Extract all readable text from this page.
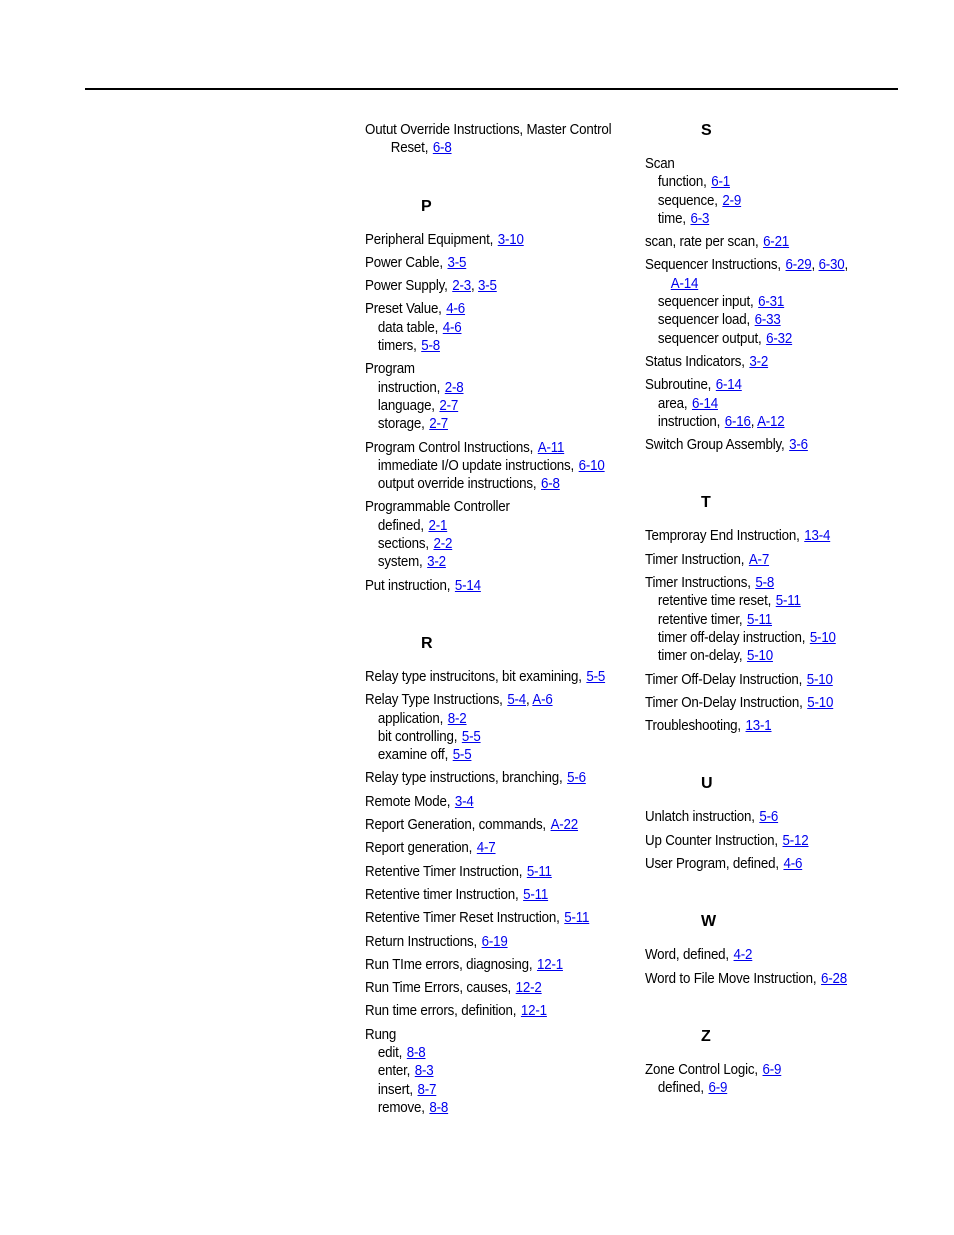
Outut Override Instructions, Master Control
Reset, 6-8
P
Peripheral Equipment, 3-10
Power Cable, 3-5
Power Supply, 2-3, 3-5
Preset Value, 4-6
data table, 4-6
timers, 5-8
Program
instruction, 2-8
language, 2-7
storage, 2-7
Program Control Instructions, A-11
immediate I/O update instructions, 6-10
output override instructions, 6-8
Programmable Controller
defined, 2-1
sections, 2-2
system, 3-2
Put instruction, 5-14
R
Relay type instrucitons, bit examining, 5-5
Relay Type Instructions, 5-4, A-6
application, 8-2
bit controlling, 5-5
examine off, 5-5
Relay type instructions, branching, 5-6
Remote Mode, 3-4
Report Generation, commands, A-22
Report generation, 4-7
Retentive Timer Instruction, 5-11
Retentive timer Instruction, 5-11
Retentive Timer Reset Instruction, 5-11
Return Instructions, 6-19
Run TIme errors, diagnosing, 12-1
Run Time Errors, causes, 12-2
Run time errors, definition, 12-1
Rung
edit, 8-8
enter, 8-3
insert, 8-7
remove, 8-8
S
Scan
function, 6-1
sequence, 2-9
time, 6-3
scan, rate per scan, 6-21
Sequencer Instructions, 6-29, 6-30,
A-14
sequencer input, 6-31
sequencer load, 6-33
sequencer output, 6-32
Status Indicators, 3-2
Subroutine, 6-14
area, 6-14
instruction, 6-16, A-12
Switch Group Assembly, 3-6
T
Temproray End Instruction, 13-4
Timer Instruction, A-7
Timer Instructions, 5-8
retentive time reset, 5-11
retentive timer, 5-11
timer off-delay instruction, 5-10
timer on-delay, 5-10
Timer Off-Delay Instruction, 5-10
Timer On-Delay Instruction, 5-10
Troubleshooting, 13-1
U
Unlatch instruction, 5-6
Up Counter Instruction, 5-12
User Program, defined, 4-6
W
Word, defined, 4-2
Word to File Move Instruction, 6-28
Z
Zone Control Logic, 6-9
defined, 6-9
